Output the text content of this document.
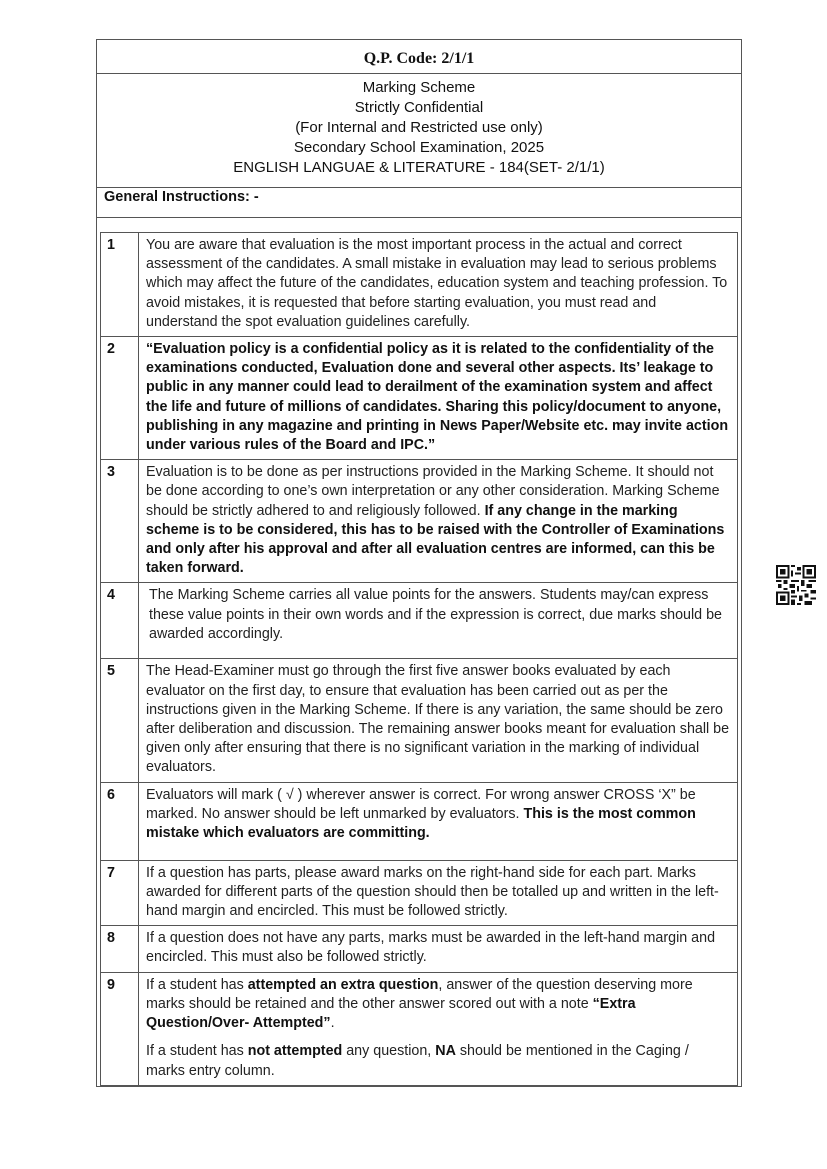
Q.P. Code: 2/1/1
Marking Scheme
Strictly Confidential
(For Internal and Restricted use only)
Secondary School Examination, 2025
ENGLISH LANGUAE & LITERATURE - 184(SET- 2/1/1)
General Instructions: -
1	You are aware that evaluation is the most important process in the actual and correct assessment of the candidates. A small mistake in evaluation may lead to serious problems which may affect the future of the candidates, education system and teaching profession. To avoid mistakes, it is requested that before starting evaluation, you must read and understand the spot evaluation guidelines carefully.
2	“Evaluation policy is a confidential policy as it is related to the confidentiality of the examinations conducted, Evaluation done and several other aspects. Its’ leakage to public in any manner could lead to derailment of the examination system and affect the life and future of millions of candidates. Sharing this policy/document to anyone, publishing in any magazine and printing in News Paper/Website etc. may invite action under various rules of the Board and IPC.”
3	Evaluation is to be done as per instructions provided in the Marking Scheme. It should not be done according to one’s own interpretation or any other consideration. Marking Scheme should be strictly adhered to and religiously followed. If any change in the marking scheme is to be considered, this has to be raised with the Controller of Examinations and only after his approval and after all evaluation centres are informed, can this be taken forward.
4	The Marking Scheme carries all value points for the answers. Students may/can express these value points in their own words and if the expression is correct, due marks should be awarded accordingly.
5	The Head-Examiner must go through the first five answer books evaluated by each evaluator on the first day, to ensure that evaluation has been carried out as per the instructions given in the Marking Scheme. If there is any variation, the same should be zero after deliberation and discussion. The remaining answer books meant for evaluation shall be given only after ensuring that there is no significant variation in the marking of individual evaluators.
6	Evaluators will mark ( √ ) wherever answer is correct. For wrong answer CROSS ‘X” be marked. No answer should be left unmarked by evaluators. This is the most common mistake which evaluators are committing.
7	If a question has parts, please award marks on the right-hand side for each part. Marks awarded for different parts of the question should then be totalled up and written in the left-hand margin and encircled. This must be followed strictly.
8	If a question does not have any parts, marks must be awarded in the left-hand margin and encircled. This must also be followed strictly.
9	If a student has attempted an extra question, answer of the question deserving more marks should be retained and the other answer scored out with a note “Extra Question/Over- Attempted”.

If a student has not attempted any question, NA should be mentioned in the Caging / marks entry column.
